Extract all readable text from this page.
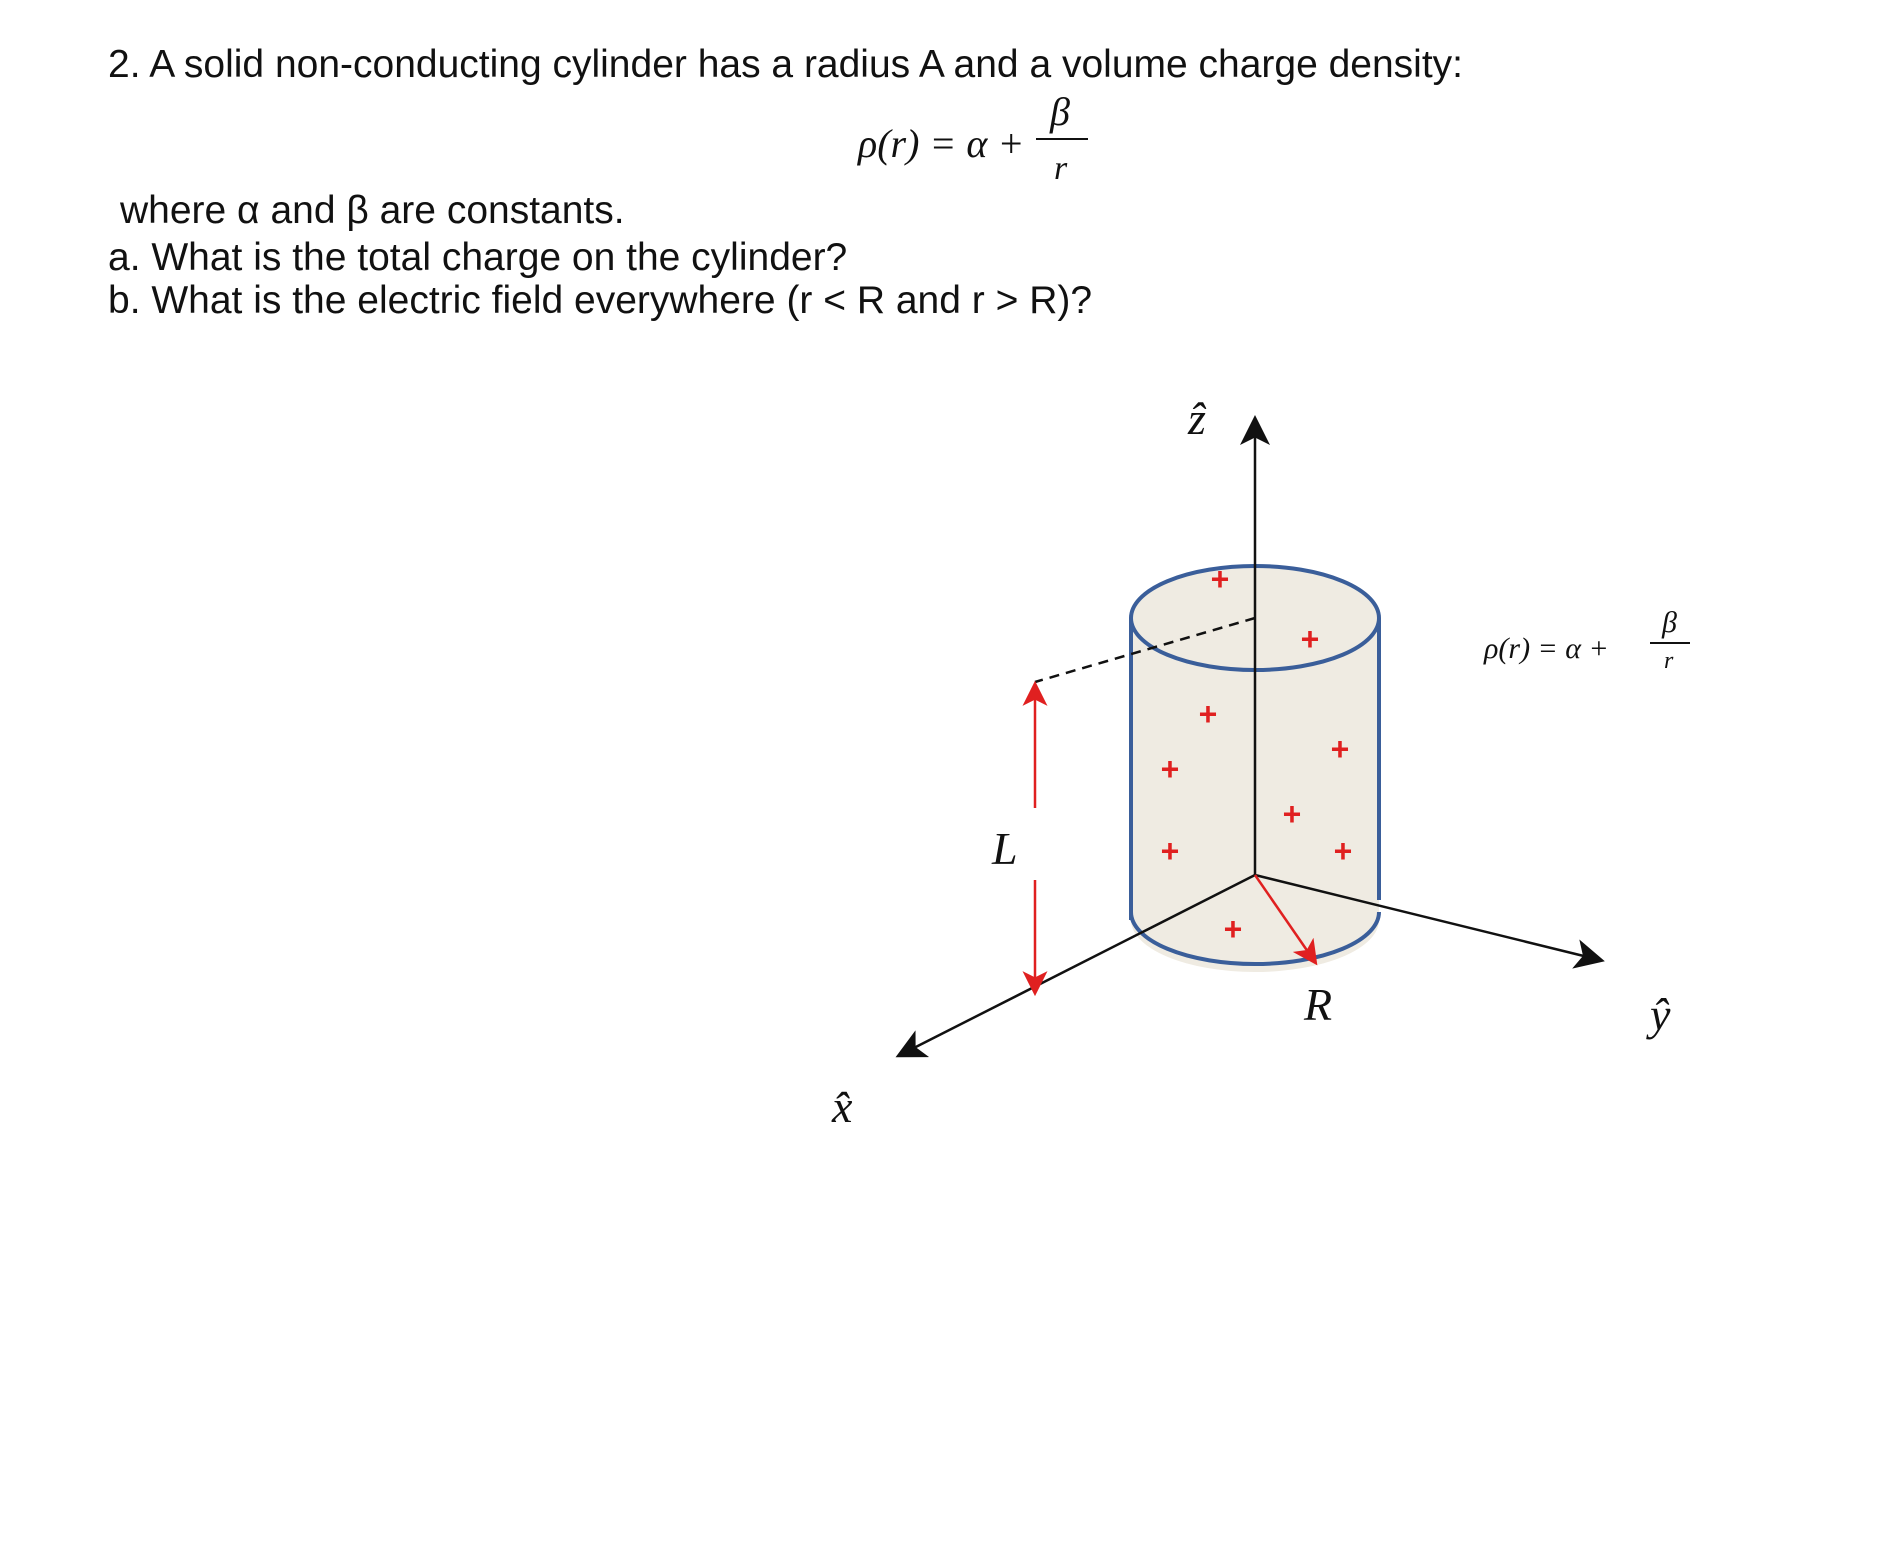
2. A solid non-conducting cylinder has a radius A and a volume charge density:
ρ(r) = α +
β
r
where α and β are constants.
a. What is the total charge on the cylinder?
b. What is the electric field everywhere (r < R and r > R)?
+
+
+
+
+
+
+	+
+
ẑ
x̂
ŷ
L
R
ρ(r) = α +
β
r
